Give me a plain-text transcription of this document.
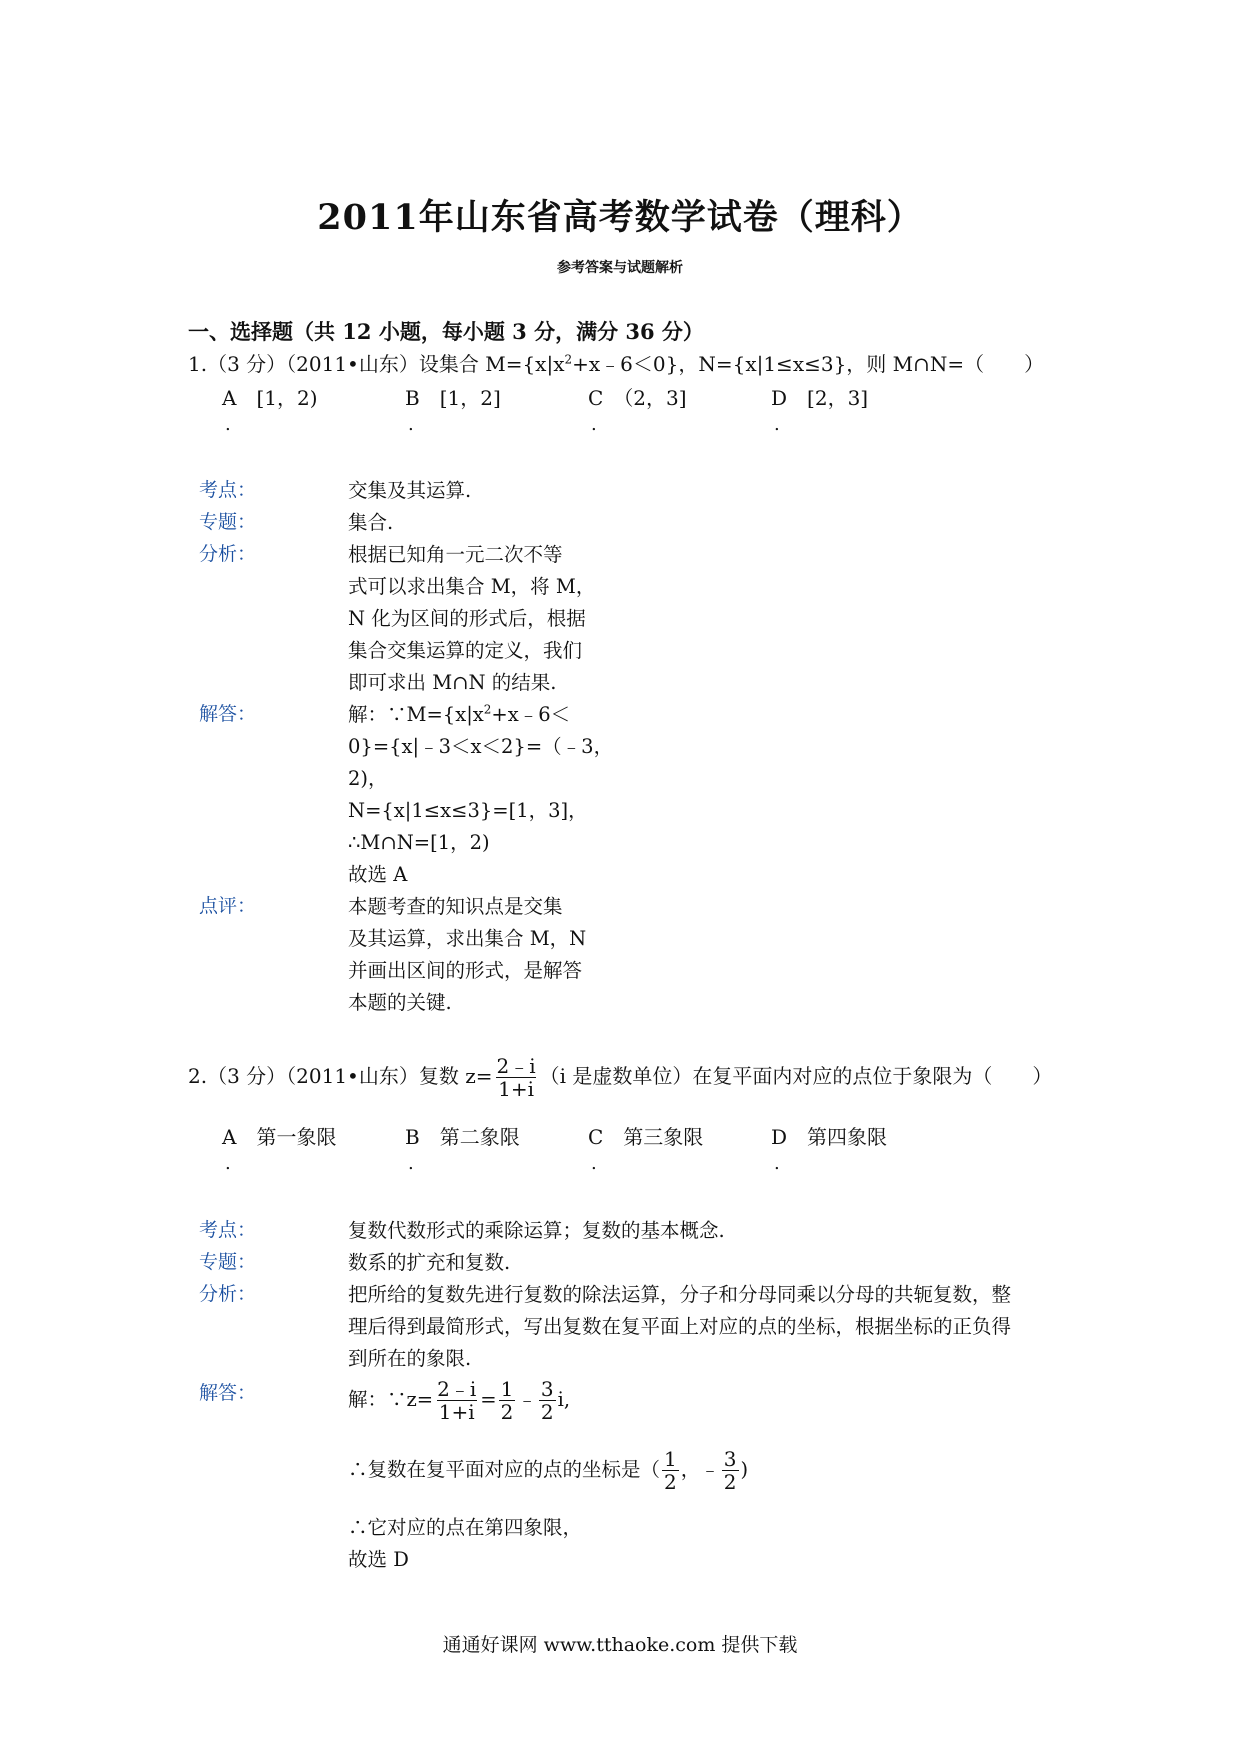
2011年山东省高考数学试卷（理科）
参考答案与试题解析
一、选择题（共 12 小题，每小题 3 分，满分 36 分）
1.（3 分）（2011•山东）设集合 $M=\{x|x^2+x﹣6<0\}$，N={x|1≤x≤3}，则 M∩N=（　　）
A　 [1，2)	B　 [1，2]	C　 （2，3]	D　 [2，3]
.	.	.	.
考点：	交集及其运算.
专题：	集合.
分析：	根据已知角一元二次不等
式可以求出集合 M，将 M，
N 化为区间的形式后，根据
集合交集运算的定义，我们
即可求出 M∩N 的结果.
解答：	解：$\because M=\{x|x^2+x﹣6<$
0}={x|﹣3＜x＜2}=（﹣3，
2)，
N={x|1≤x≤3}=[1，3]，
∴M∩N=[1，2)
故选 A
点评：	本题考查的知识点是交集
及其运算，求出集合 M，N
并画出区间的形式，是解答
本题的关键.
2.（3 分）（2011•山东）复数 $z= \frac{2﹣i}{1+i} (i$ 是虚数单位）在复平面内对应的点位于象限为（　　）
A　 第一象限	B　 第二象限	C　 第三象限	D　 第四象限
.	.	.	.
考点：	复数代数形式的乘除运算；复数的基本概念.
专题：	数系的扩充和复数.
分析：	把所给的复数先进行复数的除法运算，分子和分母同乘以分母的共轭复数，整
理后得到最简形式，写出复数在复平面上对应的点的坐标，根据坐标的正负得
到所在的象限.
解答：	解：∵z= $\frac{2﹣i}{1+i} = \frac{1}{2}$ ﹣ $\frac{3}{2} i$,
∴复数在复平面对应的点的坐标是（ $\frac{1}{2}$ ，﹣ $\frac{3}{2}$ )
∴它对应的点在第四象限，
故选 D
通通好课网 www.tthaoke.com 提供下载
